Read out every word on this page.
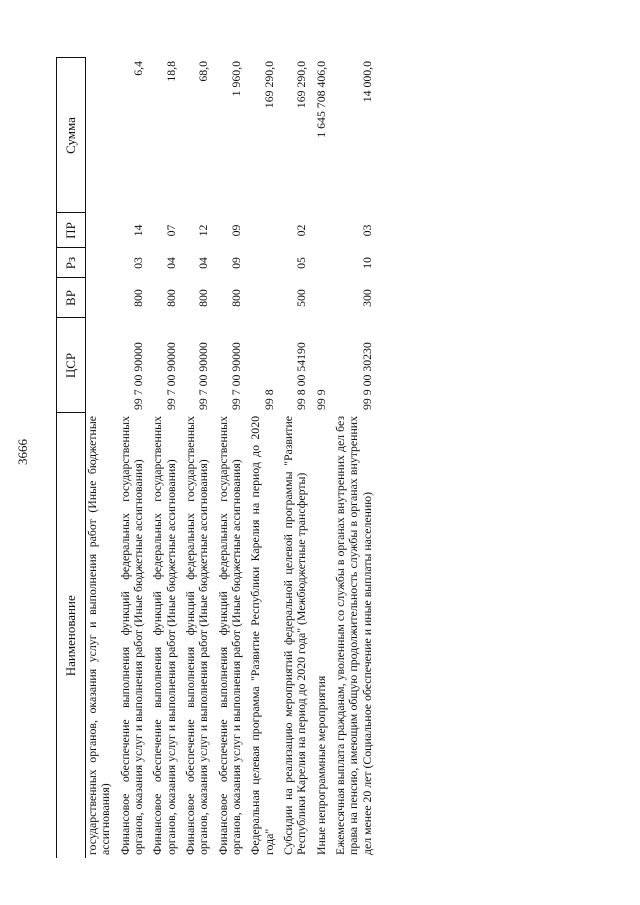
3666
Наименование	ЦСР	ВР	Рз	ПР	Сумма
государственных органов, оказания услуг и выполнения работ (Иные бюджетные ассигнования)					
Финансовое обеспечение выполнения функций федеральных государственных органов, оказания услуг и выполнения работ (Иные бюджетные ассигнования)	99 7 00 90000	800	03	14	6,4
Финансовое обеспечение выполнения функций федеральных государственных органов, оказания услуг и выполнения работ (Иные бюджетные ассигнования)	99 7 00 90000	800	04	07	18,8
Финансовое обеспечение выполнения функций федеральных государственных органов, оказания услуг и выполнения работ (Иные бюджетные ассигнования)	99 7 00 90000	800	04	12	68,0
Финансовое обеспечение выполнения функций федеральных государственных органов, оказания услуг и выполнения работ (Иные бюджетные ассигнования)	99 7 00 90000	800	09	09	1 960,0
Федеральная целевая программа "Развитие Республики Карелия на период до 2020 года"	99 8				169 290,0
Субсидии на реализацию мероприятий федеральной целевой программы "Развитие Республики Карелия на период до 2020 года" (Межбюджетные трансферты)	99 8 00 54190	500	05	02	169 290,0
Иные непрограммные мероприятия	99 9				1 645 708 406,0
Ежемесячная выплата гражданам, уволенным со службы в органах внутренних дел без права на пенсию, имеющим общую продолжительность службы в органах внутренних дел менее 20 лет (Социальное обеспечение и иные выплаты населению)	99 9 00 30230	300	10	03	14 000,0
